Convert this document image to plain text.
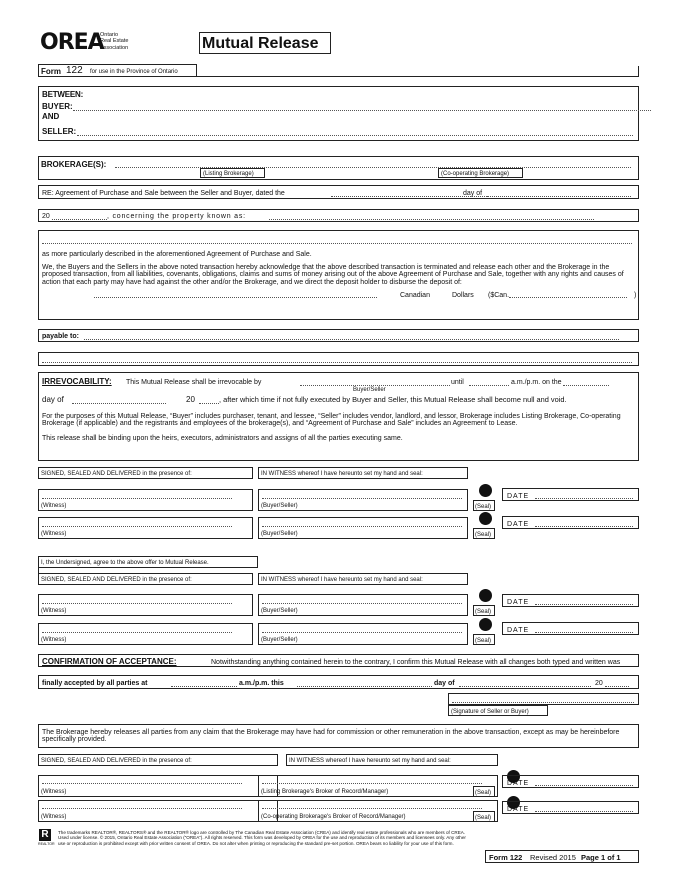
OREA
Ontario
Real Estate
Association	Mutual Release
Form 122 for use in the Province of Ontario
BETWEEN:
BUYER:
AND
SELLER:
BROKERAGE(S):
(Listing Brokerage)	(Co-operating Brokerage)
RE: Agreement of Purchase and Sale between the Seller and Buyer, dated the	day of
20	, concerning the property known as:
as more particularly described in the aforementioned Agreement of Purchase and Sale.
We, the Buyers and the Sellers in the above noted transaction hereby acknowledge that the above described transaction is terminated and release each other and the Brokerage in the proposed transaction, from all liabilities, covenants, obligations, claims and sums of money arising out of the above Agreement of Purchase and Sale, together with any rights and causes of action that each party may have had against the other and/or the Brokerage, and we direct the deposit holder to disburse the deposit of:
Canadian	Dollars ($Can.	)
payable to:
IRREVOCABILITY: This Mutual Release shall be irrevocable by
Buyer/Seller
until	a.m./p.m. on the
day of	20	, after which time if not fully executed by Buyer and Seller, this Mutual Release shall become null and void.
For the purposes of this Mutual Release, “Buyer” includes purchaser, tenant, and lessee, “Seller” includes vendor, landlord, and lessor, Brokerage includes Listing Brokerage, Co-operating Brokerage (if applicable) and the registrants and employees of the brokerage(s), and “Agreement of Purchase and Sale” includes an Agreement to Lease.
This release shall be binding upon the heirs, executors, administrators and assigns of all the parties executing same.
SIGNED, SEALED AND DELIVERED in the presence of:	IN WITNESS whereof I have hereunto set my hand and seal:
(Witness)	(Buyer/Seller)	(Seal)
DATE
(Witness)	(Buyer/Seller)	(Seal)
DATE
I, the Undersigned, agree to the above offer to Mutual Release.
SIGNED, SEALED AND DELIVERED in the presence of:	IN WITNESS whereof I have hereunto set my hand and seal:
(Witness)	(Buyer/Seller)	(Seal)
DATE
(Witness)	(Buyer/Seller)	(Seal)
DATE
CONFIRMATION OF ACCEPTANCE:	Notwithstanding anything contained herein to the contrary, I confirm this Mutual Release with all changes both typed and written was
finally accepted by all parties at	a.m./p.m. this	day of	20
(Signature of Seller or Buyer)
The Brokerage hereby releases all parties from any claim that the Brokerage may have had for commission or other remuneration in the above transaction, except as may be hereinbefore specifically provided.
SIGNED, SEALED AND DELIVERED in the presence of:	IN WITNESS whereof I have hereunto set my hand and seal:
(Witness)	(Listing Brokerage's Broker of Record/Manager)	(Seal)
DATE
(Witness)	(Co-operating Brokerage's Broker of Record/Manager)	(Seal)
DATE
R
REALTOR
The trademarks REALTOR®, REALTORS® and the REALTOR® logo are controlled by The Canadian Real Estate Association (CREA) and identify real estate professionals who are members of CREA. Used under license. © 2015, Ontario Real Estate Association (“OREA”). All rights reserved. This form was developed by OREA for the use and reproduction of its members and licensees only. Any other use or reproduction is prohibited except with prior written consent of OREA. Do not alter when printing or reproducing the standard pre-set portion. OREA bears no liability for your use of this form.
Form 122 Revised 2015 Page 1 of 1
